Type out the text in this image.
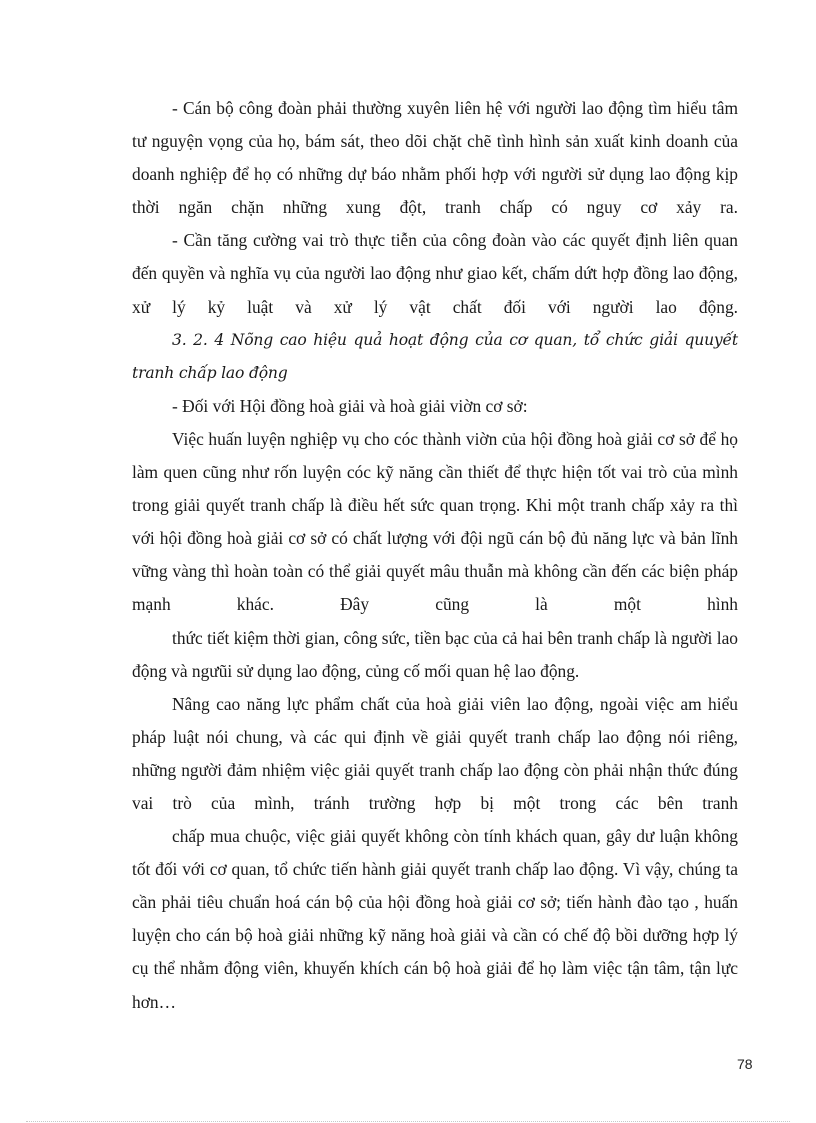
- Cán bộ công đoàn phải thường xuyên liên hệ với người lao động tìm hiểu tâm tư nguyện vọng của họ, bám sát, theo dõi chặt chẽ tình hình sản xuất kinh doanh của doanh nghiệp để họ có những dự báo nhằm phối hợp với người sử dụng lao động kịp thời ngăn chặn những xung đột, tranh chấp có nguy cơ xảy ra.

- Cần tăng cường vai trò thực tiễn của công đoàn vào các quyết định liên quan đến quyền và nghĩa vụ của người lao động như giao kết, chấm dứt hợp đồng lao động, xử lý kỷ luật và xử lý vật chất đối với người lao động.

3. 2. 4 Nõng cao hiệu quả hoạt động của cơ quan, tổ chức giải quuyết tranh chấp lao động

- Đối với Hội đồng hoà giải và hoà giải viờn cơ sở:

Việc huấn luyện nghiệp vụ cho cóc thành viờn của hội đồng hoà giải cơ sở để họ làm quen cũng như rốn luyện cóc kỹ năng cần thiết để thực hiện tốt vai trò của mình trong giải quyết tranh chấp là điều hết sức quan trọng. Khi một tranh chấp xảy ra thì với hội đồng hoà giải cơ sở có chất lượng với đội ngũ cán bộ đủ năng lực và bản lĩnh vững vàng thì hoàn toàn có thể giải quyết mâu thuẫn mà không cần đến các biện pháp mạnh khác. Đây cũng là một hình

thức tiết kiệm thời gian, công sức, tiền bạc của cả hai bên tranh chấp là người lao động và ngưũi sử dụng lao động, củng cố mối quan hệ lao động.

Nâng cao năng lực phẩm chất của hoà giải viên lao động, ngoài việc am hiểu pháp luật nói chung, và các qui định về giải quyết tranh chấp lao động nói riêng, những người đảm nhiệm việc giải quyết tranh chấp lao động còn phải nhận thức đúng vai trò của mình, tránh trường hợp bị một trong các bên tranh

chấp mua chuộc, việc giải quyết không còn tính khách quan, gây dư luận không tốt đối với cơ quan, tổ chức tiến hành giải quyết tranh chấp lao động. Vì vậy, chúng ta cần phải tiêu chuẩn hoá cán bộ của hội đồng hoà giải cơ sở; tiến hành đào tạo , huấn luyện cho cán bộ hoà giải những kỹ năng hoà giải và cần có chế độ bồi dưỡng hợp lý cụ thể nhằm động viên, khuyến khích cán bộ hoà giải để họ làm việc tận tâm, tận lực hơn…

78
